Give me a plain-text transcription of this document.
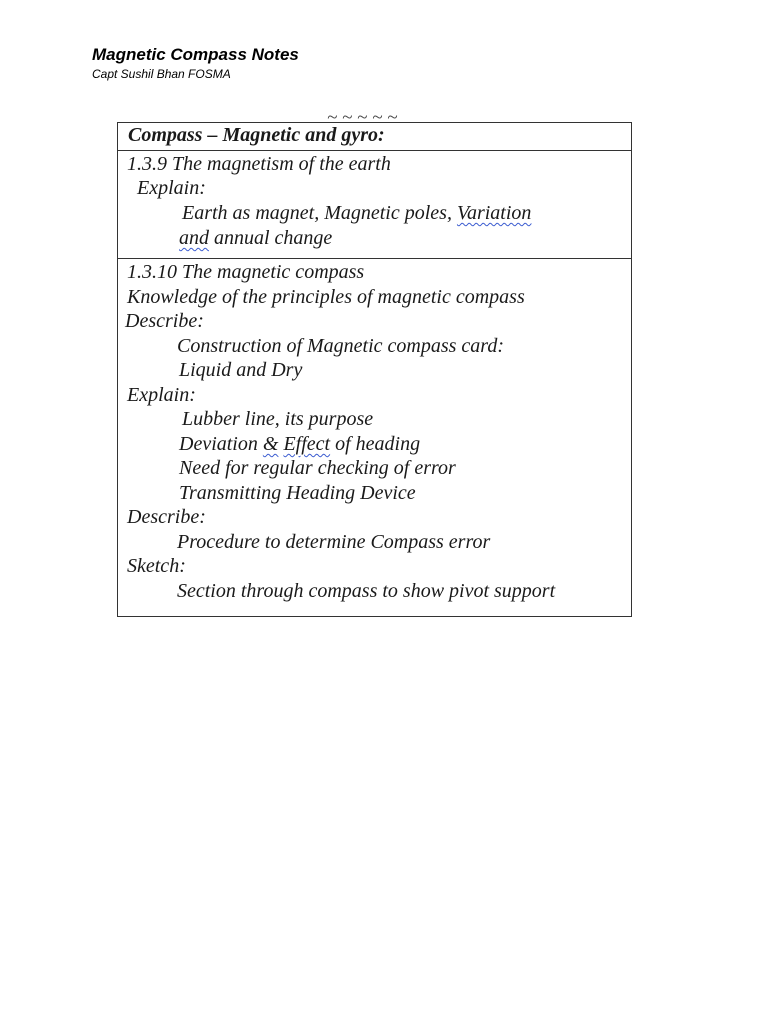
Magnetic Compass Notes

Capt Sushil Bhan FOSMA

~ ~ ~ ~ ~
Compass – Magnetic and gyro:
1.3.9 The magnetism of the earth
Explain:
Earth as magnet, Magnetic poles, Variation
and annual change
1.3.10 The magnetic compass
Knowledge of the principles of magnetic compass
Describe:
Construction of Magnetic compass card:
Liquid and Dry
Explain:
Lubber line, its purpose
Deviation & Effect of heading
Need for regular checking of error
Transmitting Heading Device
Describe:
Procedure to determine Compass error
Sketch:
Section through compass to show pivot support
